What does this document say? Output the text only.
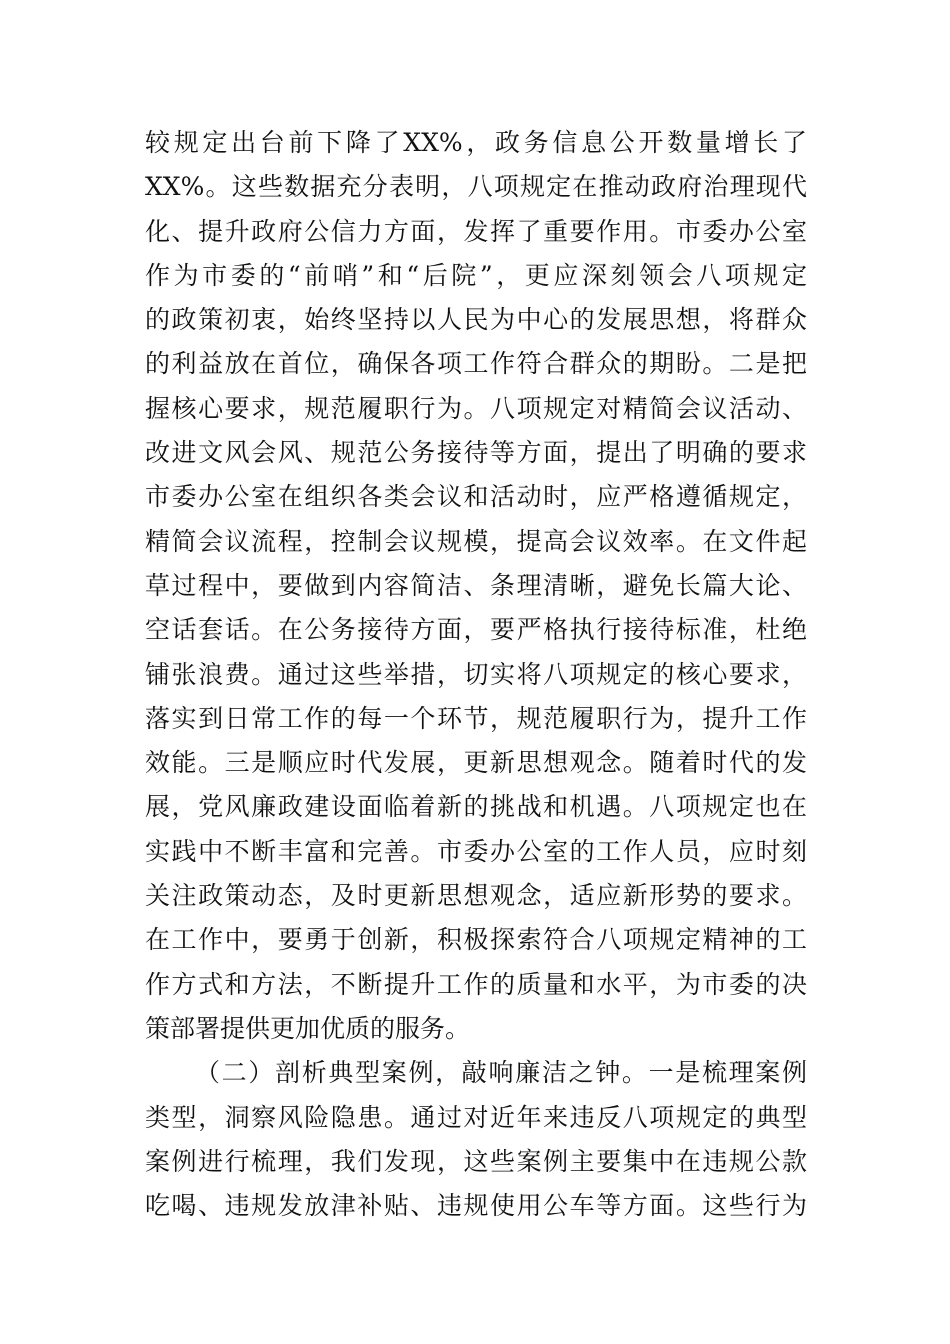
较规定出台前下降了XX%，政务信息公开数量增长了
XX%。这些数据充分表明，八项规定在推动政府治理现代
化、提升政府公信力方面，发挥了重要作用。市委办公室
作为市委的“前哨”和“后院”，更应深刻领会八项规定
的政策初衷，始终坚持以人民为中心的发展思想，将群众
的利益放在首位，确保各项工作符合群众的期盼。二是把
握核心要求，规范履职行为。八项规定对精简会议活动、
改进文风会风、规范公务接待等方面，提出了明确的要求
市委办公室在组织各类会议和活动时，应严格遵循规定，
精简会议流程，控制会议规模，提高会议效率。在文件起
草过程中，要做到内容简洁、条理清晰，避免长篇大论、
空话套话。在公务接待方面，要严格执行接待标准，杜绝
铺张浪费。通过这些举措，切实将八项规定的核心要求，
落实到日常工作的每一个环节，规范履职行为，提升工作
效能。三是顺应时代发展，更新思想观念。随着时代的发
展，党风廉政建设面临着新的挑战和机遇。八项规定也在
实践中不断丰富和完善。市委办公室的工作人员，应时刻
关注政策动态，及时更新思想观念，适应新形势的要求。
在工作中，要勇于创新，积极探索符合八项规定精神的工
作方式和方法，不断提升工作的质量和水平，为市委的决
策部署提供更加优质的服务。
（二）剖析典型案例，敲响廉洁之钟。一是梳理案例
类型，洞察风险隐患。通过对近年来违反八项规定的典型
案例进行梳理，我们发现，这些案例主要集中在违规公款
吃喝、违规发放津补贴、违规使用公车等方面。这些行为
